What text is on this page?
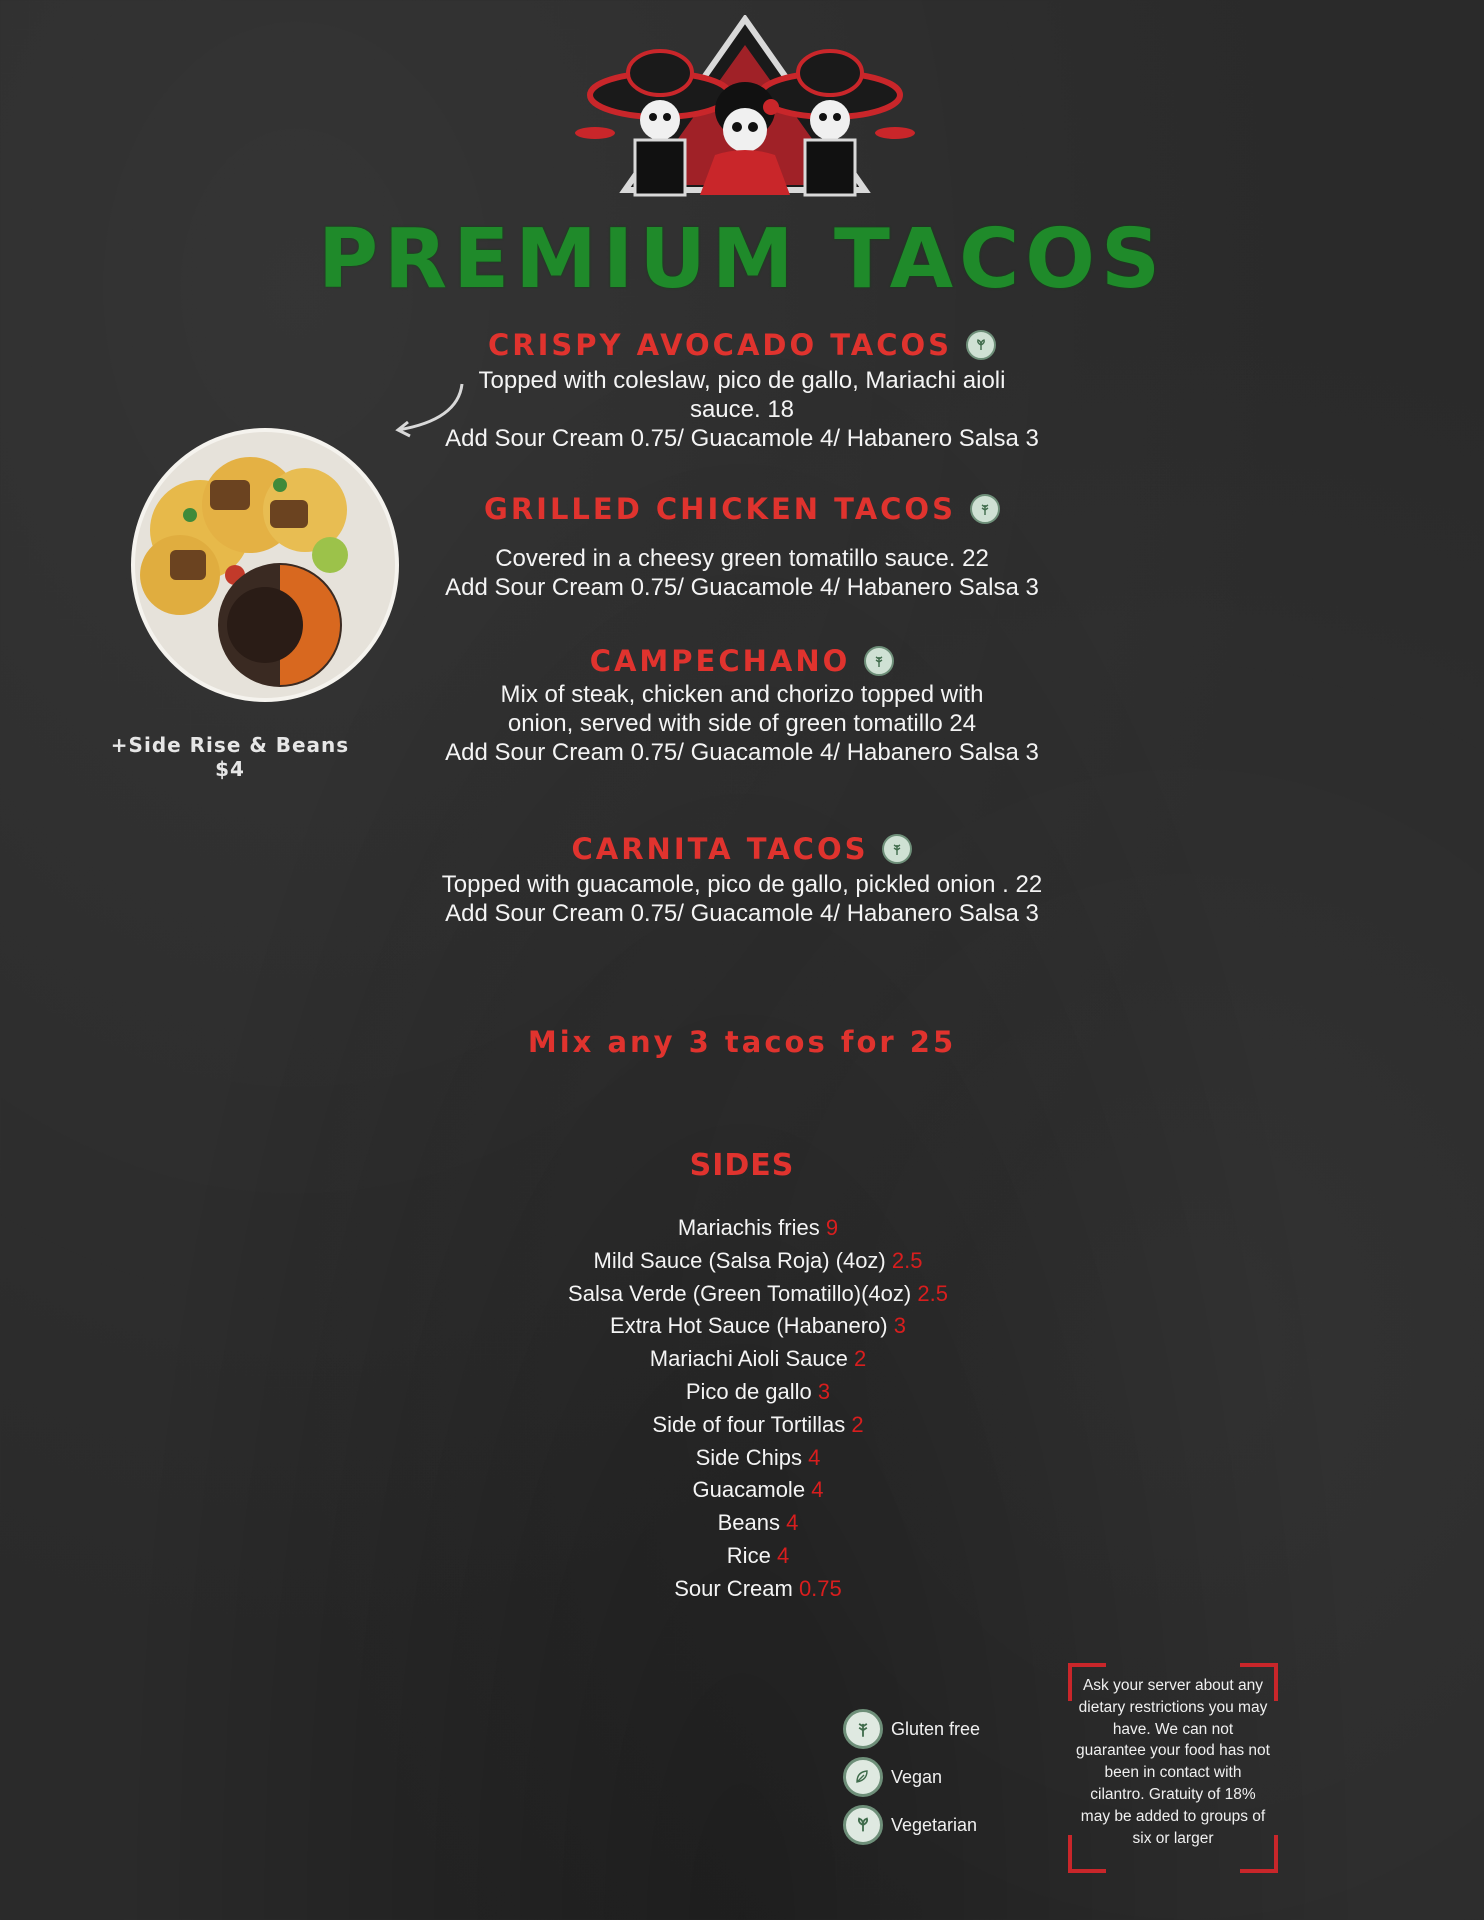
PREMIUM TACOS
CRISPY AVOCADO TACOS
Topped with coleslaw, pico de gallo, Mariachi aioli
sauce. 18
Add Sour Cream 0.75/ Guacamole 4/ Habanero Salsa 3
GRILLED CHICKEN TACOS
Covered in a cheesy green tomatillo sauce. 22
Add Sour Cream 0.75/ Guacamole 4/ Habanero Salsa 3
CAMPECHANO
Mix of steak, chicken and chorizo topped with
onion, served with side of green tomatillo 24
Add Sour Cream 0.75/ Guacamole 4/ Habanero Salsa 3
CARNITA TACOS
Topped with guacamole, pico de gallo, pickled onion . 22
Add Sour Cream 0.75/ Guacamole 4/ Habanero Salsa 3
+Side Rise & Beans $4
Mix any 3 tacos for 25
SIDES
Mariachis fries 9
Mild Sauce (Salsa Roja) (4oz) 2.5
Salsa Verde (Green Tomatillo)(4oz) 2.5
Extra Hot Sauce (Habanero) 3
Mariachi Aioli Sauce 2
Pico de gallo 3
Side of four Tortillas 2
Side Chips 4
Guacamole 4
Beans 4
Rice 4
Sour Cream 0.75
Gluten free
Vegan
Vegetarian
Ask your server about any dietary restrictions you may have. We can not guarantee your food has not been in contact with cilantro. Gratuity of 18% may be added to groups of six or larger
